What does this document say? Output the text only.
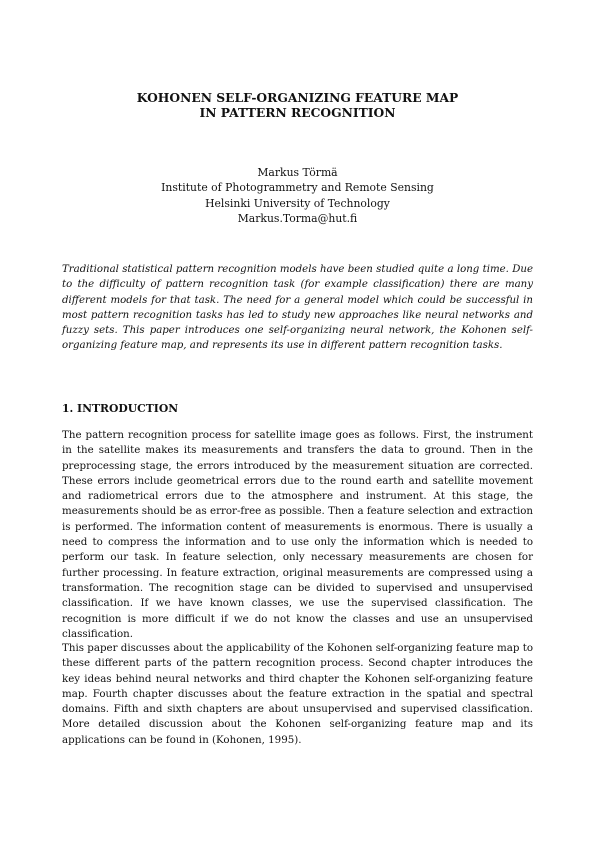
KOHONEN SELF-ORGANIZING FEATURE MAP
IN PATTERN RECOGNITION
Markus Törmä
Institute of Photogrammetry and Remote Sensing
Helsinki University of Technology
Markus.Torma@hut.fi

Traditional statistical pattern recognition models have been studied quite a long time. Due to the difficulty of pattern recognition task (for example classification) there are many different models for that task. The need for a general model which could be successful in most pattern recognition tasks has led to study new approaches like neural networks and fuzzy sets. This paper introduces one self-organizing neural network, the Kohonen self-organizing feature map, and represents its use in different pattern recognition tasks.

1. INTRODUCTION

The pattern recognition process for satellite image goes as follows. First, the instrument in the satellite makes its measurements and transfers the data to ground. Then in the preprocessing stage, the errors introduced by the measurement situation are corrected. These errors include geometrical errors due to the round earth and satellite movement and radiometrical errors due to the atmosphere and instrument. At this stage, the measurements should be as error-free as possible. Then a feature selection and extraction is performed. The information content of measurements is enormous. There is usually a need to compress the information and to use only the information which is needed to perform our task. In feature selection, only necessary measurements are chosen for further processing. In feature extraction, original measurements are compressed using a transformation. The recognition stage can be divided to supervised and unsupervised classification. If we have known classes, we use the supervised classification. The recognition is more difficult if we do not know the classes and use an unsupervised classification.

This paper discusses about the applicability of the Kohonen self-organizing feature map to these different parts of the pattern recognition process. Second chapter introduces the key ideas behind neural networks and third chapter the Kohonen self-organizing feature map. Fourth chapter discusses about the feature extraction in the spatial and spectral domains. Fifth and sixth chapters are about unsupervised and supervised classification. More detailed discussion about the Kohonen self-organizing feature map and its applications can be found in (Kohonen, 1995).
